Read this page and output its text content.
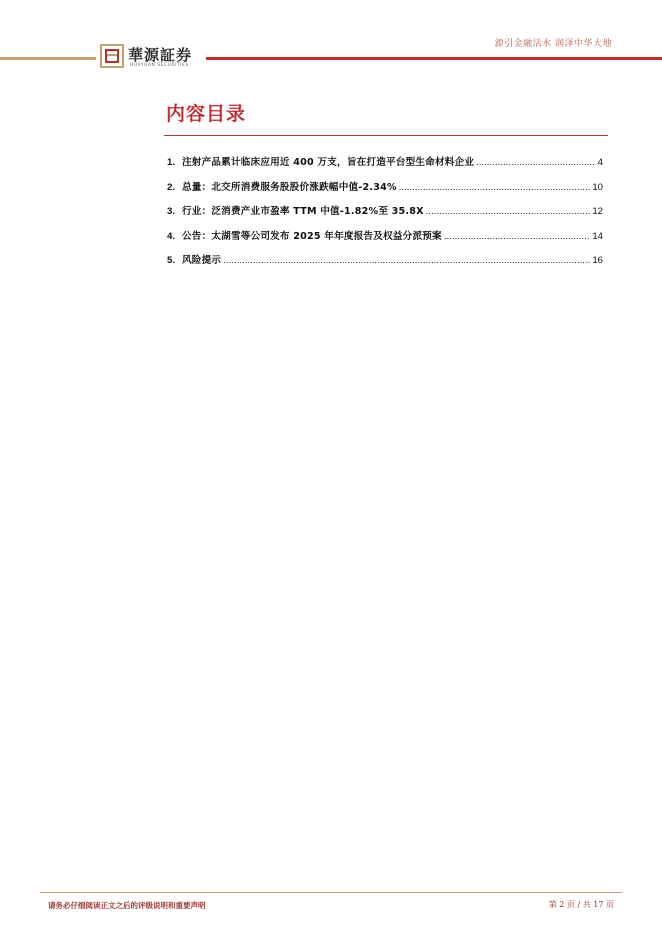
源引金融活水 润泽中华大地
華源証券
HUAYUAN SECURITIES
内容目录
1. 注射产品累计临床应用近 400 万支，旨在打造平台型生命材料企业 .....	4
2. 总量：北交所消费服务股股价涨跌幅中值-2.34% .....	10
3. 行业：泛消费产业市盈率 TTM 中值-1.82%至 35.8X .....	12
4. 公告：太湖雪等公司发布 2025 年年度报告及权益分派预案 .....	14
5. 风险提示 .....	16
请务必仔细阅读正文之后的评级说明和重要声明	第 2 页 / 共 17 页
